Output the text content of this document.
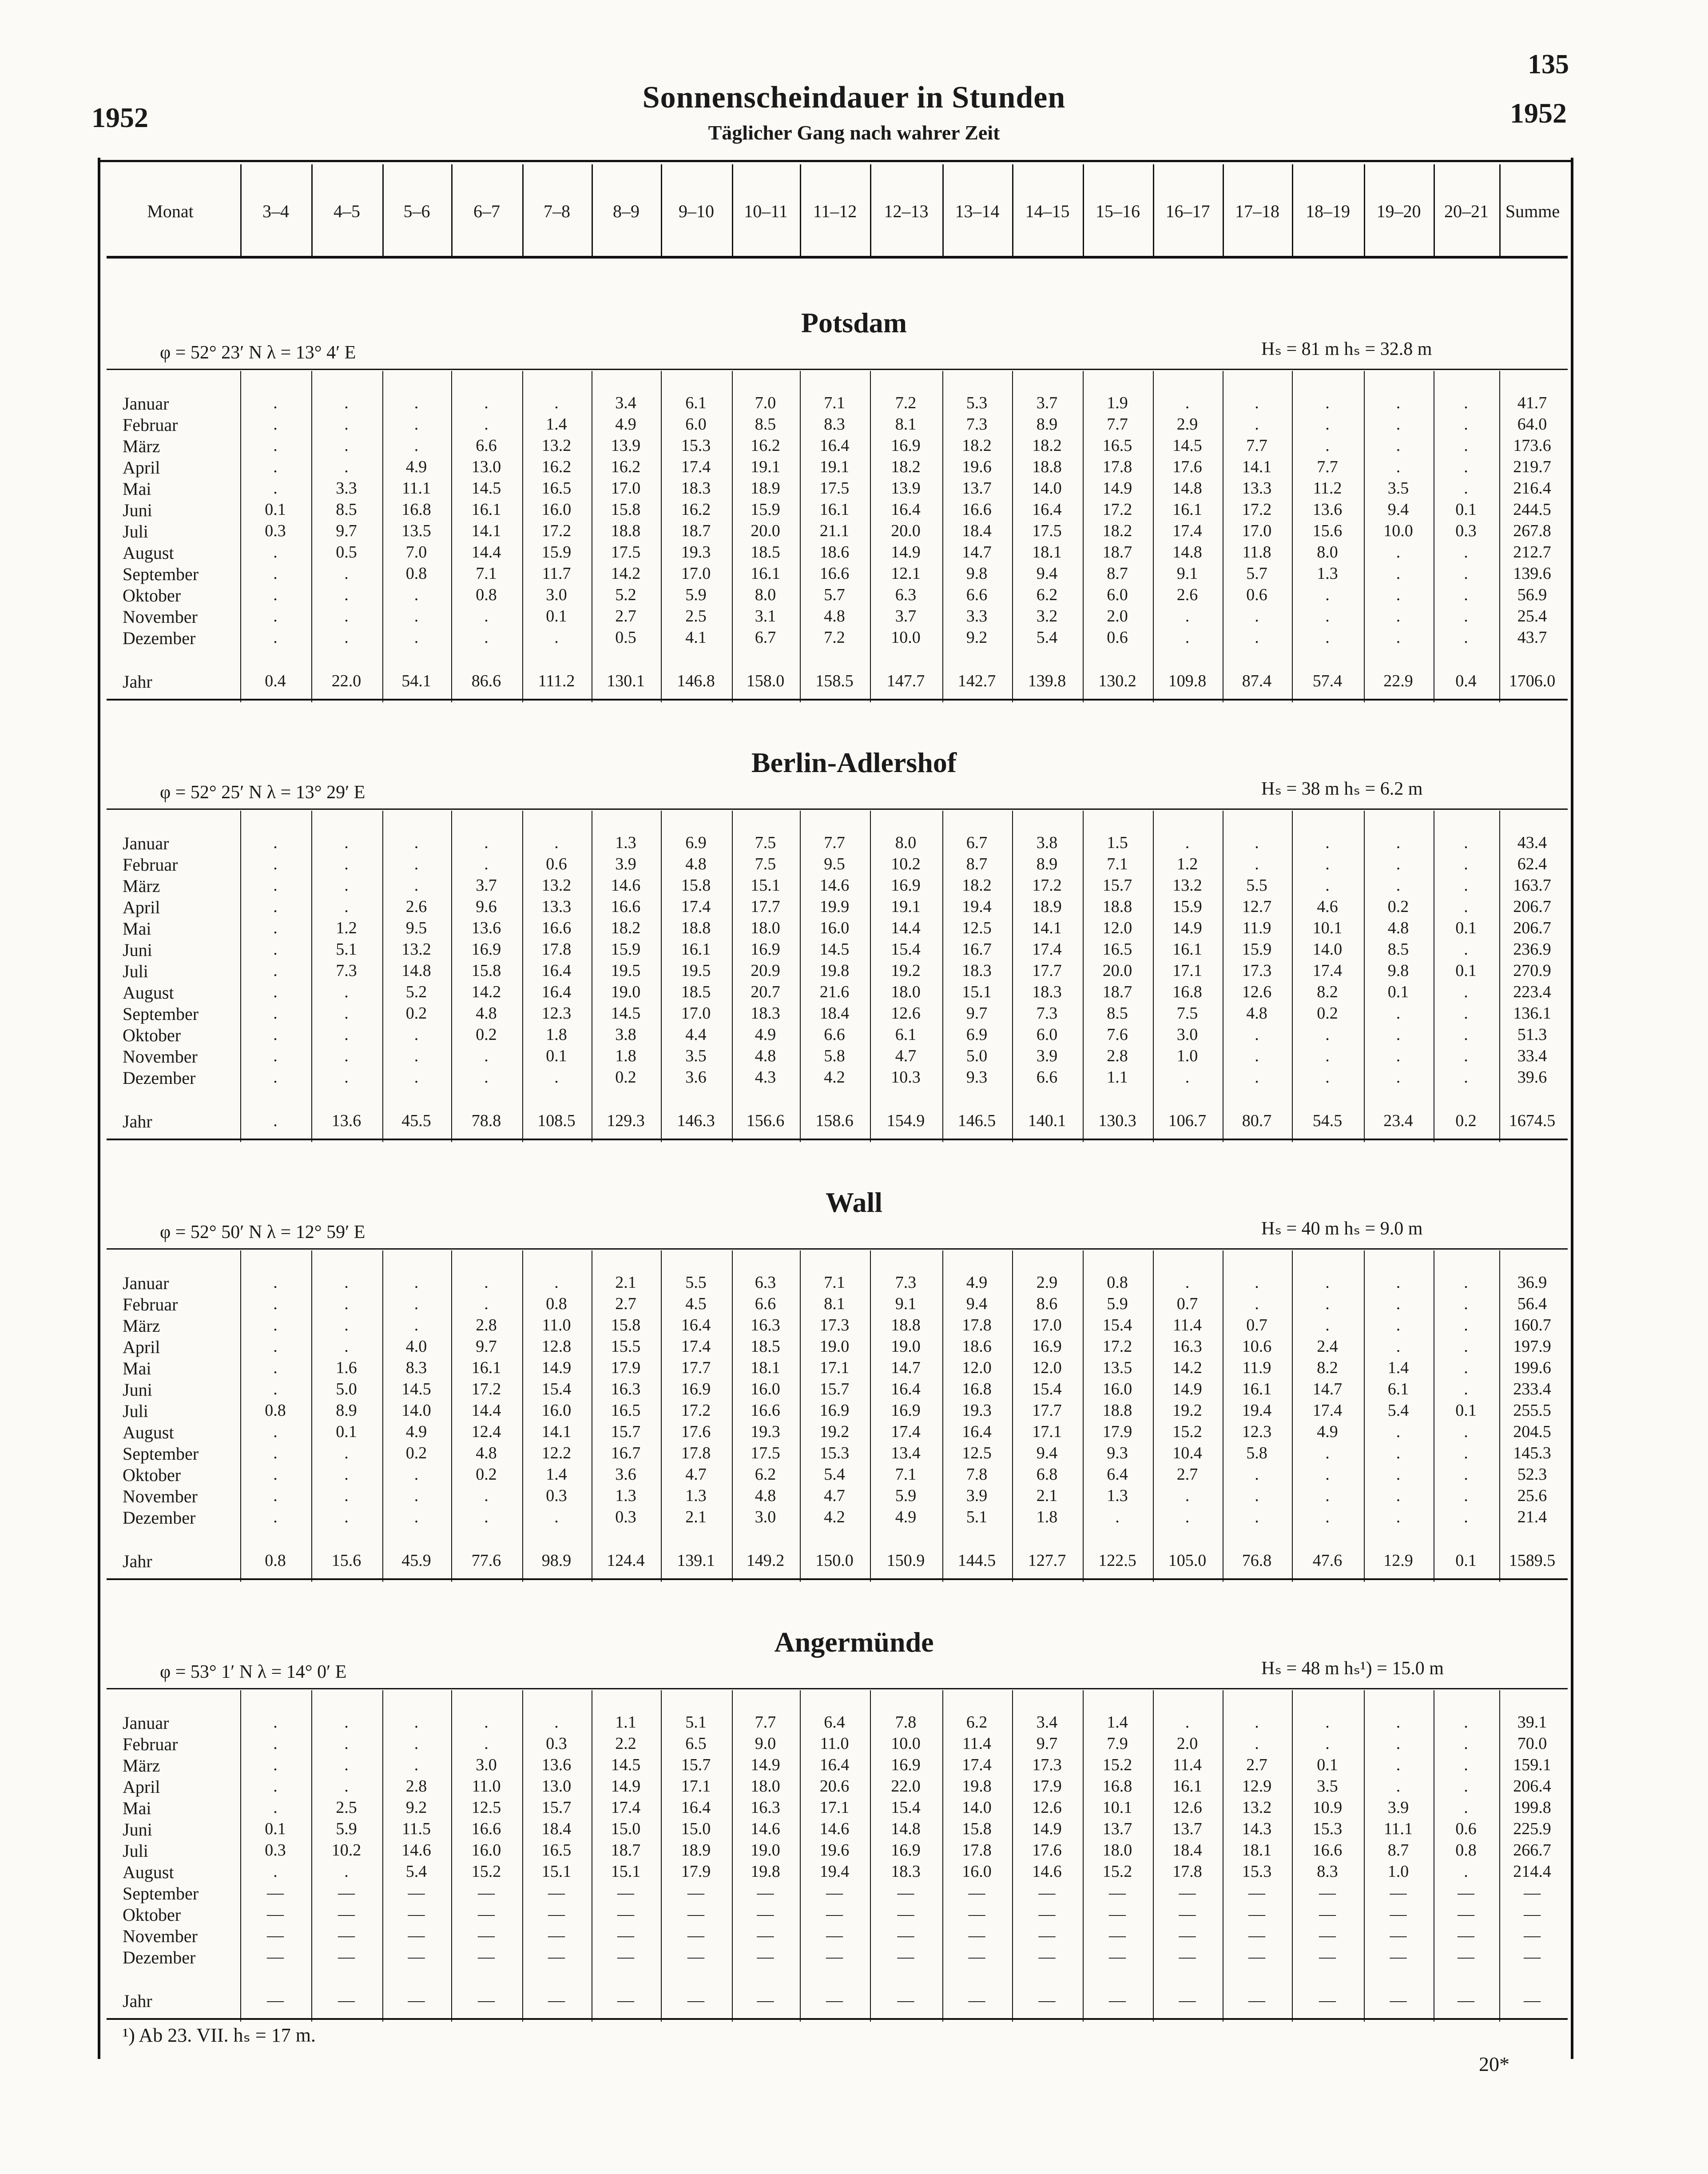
135
1952	1952
Sonnenscheindauer in Stunden
Täglicher Gang nach wahrer Zeit
Monat	3–4	4–5	5–6	6–7	7–8	8–9	9–10	10–11	11–12	12–13	13–14	14–15	15–16	16–17	17–18	18–19	19–20	20–21 Summe
Potsdam
φ = 52° 23′ N λ = 13° 4′ E	Hₛ = 81 m hₛ = 32.8 m
Januar	.	.	.	.	.	3.4	6.1	7.0	7.1	7.2	5.3	3.7	1.9	.	.	.	.	.	41.7
Februar	.	.	.	.	1.4	4.9	6.0	8.5	8.3	8.1	7.3	8.9	7.7	2.9	.	.	.	.	64.0
März	.	.	.	6.6	13.2	13.9	15.3	16.2	16.4	16.9	18.2	18.2	16.5	14.5	7.7	.	.	.	173.6
April	.	.	4.9	13.0	16.2	16.2	17.4	19.1	19.1	18.2	19.6	18.8	17.8	17.6	14.1	7.7	.	.	219.7
Mai	.	3.3	11.1	14.5	16.5	17.0	18.3	18.9	17.5	13.9	13.7	14.0	14.9	14.8	13.3	11.2	3.5	.	216.4
Juni	0.1	8.5	16.8	16.1	16.0	15.8	16.2	15.9	16.1	16.4	16.6	16.4	17.2	16.1	17.2	13.6	9.4	0.1	244.5
Juli	0.3	9.7	13.5	14.1	17.2	18.8	18.7	20.0	21.1	20.0	18.4	17.5	18.2	17.4	17.0	15.6	10.0	0.3	267.8
August	.	0.5	7.0	14.4	15.9	17.5	19.3	18.5	18.6	14.9	14.7	18.1	18.7	14.8	11.8	8.0	.	.	212.7
September	.	.	0.8	7.1	11.7	14.2	17.0	16.1	16.6	12.1	9.8	9.4	8.7	9.1	5.7	1.3	.	.	139.6
Oktober	.	.	.	0.8	3.0	5.2	5.9	8.0	5.7	6.3	6.6	6.2	6.0	2.6	0.6	.	.	.	56.9
November	.	.	.	.	0.1	2.7	2.5	3.1	4.8	3.7	3.3	3.2	2.0	.	.	.	.	.	25.4
Dezember	.	.	.	.	.	0.5	4.1	6.7	7.2	10.0	9.2	5.4	0.6	.	.	.	.	.	43.7
Jahr	0.4	22.0	54.1	86.6	111.2	130.1	146.8	158.0	158.5	147.7	142.7	139.8	130.2	109.8	87.4	57.4	22.9	0.4	1706.0
Berlin-Adlershof
φ = 52° 25′ N λ = 13° 29′ E	Hₛ = 38 m hₛ = 6.2 m
Januar	.	.	.	.	.	1.3	6.9	7.5	7.7	8.0	6.7	3.8	1.5	.	.	.	.	.	43.4
Februar	.	.	.	.	0.6	3.9	4.8	7.5	9.5	10.2	8.7	8.9	7.1	1.2	.	.	.	.	62.4
März	.	.	.	3.7	13.2	14.6	15.8	15.1	14.6	16.9	18.2	17.2	15.7	13.2	5.5	.	.	.	163.7
April	.	.	2.6	9.6	13.3	16.6	17.4	17.7	19.9	19.1	19.4	18.9	18.8	15.9	12.7	4.6	0.2	.	206.7
Mai	.	1.2	9.5	13.6	16.6	18.2	18.8	18.0	16.0	14.4	12.5	14.1	12.0	14.9	11.9	10.1	4.8	0.1	206.7
Juni	.	5.1	13.2	16.9	17.8	15.9	16.1	16.9	14.5	15.4	16.7	17.4	16.5	16.1	15.9	14.0	8.5	.	236.9
Juli	.	7.3	14.8	15.8	16.4	19.5	19.5	20.9	19.8	19.2	18.3	17.7	20.0	17.1	17.3	17.4	9.8	0.1	270.9
August	.	.	5.2	14.2	16.4	19.0	18.5	20.7	21.6	18.0	15.1	18.3	18.7	16.8	12.6	8.2	0.1	.	223.4
September	.	.	0.2	4.8	12.3	14.5	17.0	18.3	18.4	12.6	9.7	7.3	8.5	7.5	4.8	0.2	.	.	136.1
Oktober	.	.	.	0.2	1.8	3.8	4.4	4.9	6.6	6.1	6.9	6.0	7.6	3.0	.	.	.	.	51.3
November	.	.	.	.	0.1	1.8	3.5	4.8	5.8	4.7	5.0	3.9	2.8	1.0	.	.	.	.	33.4
Dezember	.	.	.	.	.	0.2	3.6	4.3	4.2	10.3	9.3	6.6	1.1	.	.	.	.	.	39.6
Jahr	.	13.6	45.5	78.8	108.5	129.3	146.3	156.6	158.6	154.9	146.5	140.1	130.3	106.7	80.7	54.5	23.4	0.2	1674.5
Wall
φ = 52° 50′ N λ = 12° 59′ E	Hₛ = 40 m hₛ = 9.0 m
Januar	.	.	.	.	.	2.1	5.5	6.3	7.1	7.3	4.9	2.9	0.8	.	.	.	.	.	36.9
Februar	.	.	.	.	0.8	2.7	4.5	6.6	8.1	9.1	9.4	8.6	5.9	0.7	.	.	.	.	56.4
März	.	.	.	2.8	11.0	15.8	16.4	16.3	17.3	18.8	17.8	17.0	15.4	11.4	0.7	.	.	.	160.7
April	.	.	4.0	9.7	12.8	15.5	17.4	18.5	19.0	19.0	18.6	16.9	17.2	16.3	10.6	2.4	.	.	197.9
Mai	.	1.6	8.3	16.1	14.9	17.9	17.7	18.1	17.1	14.7	12.0	12.0	13.5	14.2	11.9	8.2	1.4	.	199.6
Juni	.	5.0	14.5	17.2	15.4	16.3	16.9	16.0	15.7	16.4	16.8	15.4	16.0	14.9	16.1	14.7	6.1	.	233.4
Juli	0.8	8.9	14.0	14.4	16.0	16.5	17.2	16.6	16.9	16.9	19.3	17.7	18.8	19.2	19.4	17.4	5.4	0.1	255.5
August	.	0.1	4.9	12.4	14.1	15.7	17.6	19.3	19.2	17.4	16.4	17.1	17.9	15.2	12.3	4.9	.	.	204.5
September	.	.	0.2	4.8	12.2	16.7	17.8	17.5	15.3	13.4	12.5	9.4	9.3	10.4	5.8	.	.	.	145.3
Oktober	.	.	.	0.2	1.4	3.6	4.7	6.2	5.4	7.1	7.8	6.8	6.4	2.7	.	.	.	.	52.3
November	.	.	.	.	0.3	1.3	1.3	4.8	4.7	5.9	3.9	2.1	1.3	.	.	.	.	.	25.6
Dezember	.	.	.	.	.	0.3	2.1	3.0	4.2	4.9	5.1	1.8	.	.	.	.	.	.	21.4
Jahr	0.8	15.6	45.9	77.6	98.9	124.4	139.1	149.2	150.0	150.9	144.5	127.7	122.5	105.0	76.8	47.6	12.9	0.1	1589.5
Angermünde
φ = 53° 1′ N λ = 14° 0′ E	Hₛ = 48 m hₛ¹) = 15.0 m
Januar	.	.	.	.	.	1.1	5.1	7.7	6.4	7.8	6.2	3.4	1.4	.	.	.	.	.	39.1
Februar	.	.	.	.	0.3	2.2	6.5	9.0	11.0	10.0	11.4	9.7	7.9	2.0	.	.	.	.	70.0
März	.	.	.	3.0	13.6	14.5	15.7	14.9	16.4	16.9	17.4	17.3	15.2	11.4	2.7	0.1	.	.	159.1
April	.	.	2.8	11.0	13.0	14.9	17.1	18.0	20.6	22.0	19.8	17.9	16.8	16.1	12.9	3.5	.	.	206.4
Mai	.	2.5	9.2	12.5	15.7	17.4	16.4	16.3	17.1	15.4	14.0	12.6	10.1	12.6	13.2	10.9	3.9	.	199.8
Juni	0.1	5.9	11.5	16.6	18.4	15.0	15.0	14.6	14.6	14.8	15.8	14.9	13.7	13.7	14.3	15.3	11.1	0.6	225.9
Juli	0.3	10.2	14.6	16.0	16.5	18.7	18.9	19.0	19.6	16.9	17.8	17.6	18.0	18.4	18.1	16.6	8.7	0.8	266.7
August	.	.	5.4	15.2	15.1	15.1	17.9	19.8	19.4	18.3	16.0	14.6	15.2	17.8	15.3	8.3	1.0	.	214.4
September	—	—	—	—	—	—	—	—	—	—	—	—	—	—	—	—	—	—	—
Oktober	—	—	—	—	—	—	—	—	—	—	—	—	—	—	—	—	—	—	—
November	—	—	—	—	—	—	—	—	—	—	—	—	—	—	—	—	—	—	—
Dezember	—	—	—	—	—	—	—	—	—	—	—	—	—	—	—	—	—	—	—
Jahr	—	—	—	—	—	—	—	—	—	—	—	—	—	—	—	—	—	—	—
¹) Ab 23. VII. hₛ = 17 m.
20*
